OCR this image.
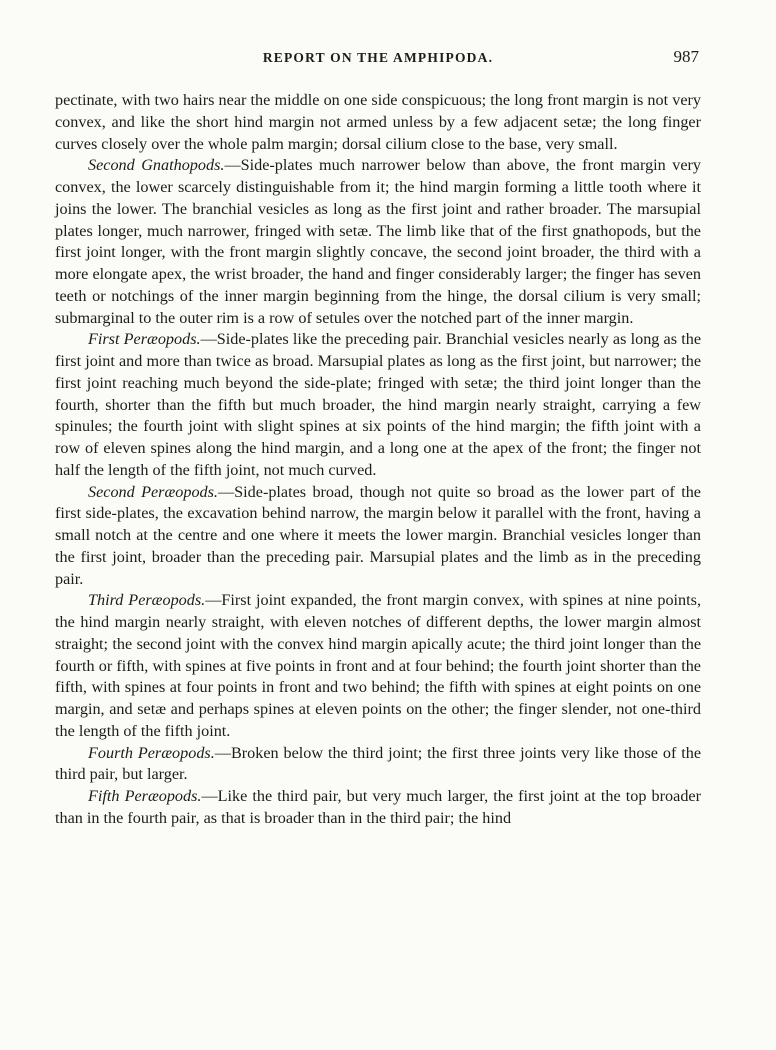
REPORT ON THE AMPHIPODA.	987

pectinate, with two hairs near the middle on one side conspicuous; the long front margin is not very convex, and like the short hind margin not armed unless by a few adjacent setæ; the long finger curves closely over the whole palm margin; dorsal cilium close to the base, very small.

Second Gnathopods.—Side-plates much narrower below than above, the front margin very convex, the lower scarcely distinguishable from it; the hind margin forming a little tooth where it joins the lower. The branchial vesicles as long as the first joint and rather broader. The marsupial plates longer, much narrower, fringed with setæ. The limb like that of the first gnathopods, but the first joint longer, with the front margin slightly concave, the second joint broader, the third with a more elongate apex, the wrist broader, the hand and finger considerably larger; the finger has seven teeth or notchings of the inner margin beginning from the hinge, the dorsal cilium is very small; submarginal to the outer rim is a row of setules over the notched part of the inner margin.

First Peræopods.—Side-plates like the preceding pair. Branchial vesicles nearly as long as the first joint and more than twice as broad. Marsupial plates as long as the first joint, but narrower; the first joint reaching much beyond the side-plate; fringed with setæ; the third joint longer than the fourth, shorter than the fifth but much broader, the hind margin nearly straight, carrying a few spinules; the fourth joint with slight spines at six points of the hind margin; the fifth joint with a row of eleven spines along the hind margin, and a long one at the apex of the front; the finger not half the length of the fifth joint, not much curved.

Second Peræopods.—Side-plates broad, though not quite so broad as the lower part of the first side-plates, the excavation behind narrow, the margin below it parallel with the front, having a small notch at the centre and one where it meets the lower margin. Branchial vesicles longer than the first joint, broader than the preceding pair. Marsupial plates and the limb as in the preceding pair.

Third Peræopods.—First joint expanded, the front margin convex, with spines at nine points, the hind margin nearly straight, with eleven notches of different depths, the lower margin almost straight; the second joint with the convex hind margin apically acute; the third joint longer than the fourth or fifth, with spines at five points in front and at four behind; the fourth joint shorter than the fifth, with spines at four points in front and two behind; the fifth with spines at eight points on one margin, and setæ and perhaps spines at eleven points on the other; the finger slender, not one-third the length of the fifth joint.

Fourth Peræopods.—Broken below the third joint; the first three joints very like those of the third pair, but larger.

Fifth Peræopods.—Like the third pair, but very much larger, the first joint at the top broader than in the fourth pair, as that is broader than in the third pair; the hind
